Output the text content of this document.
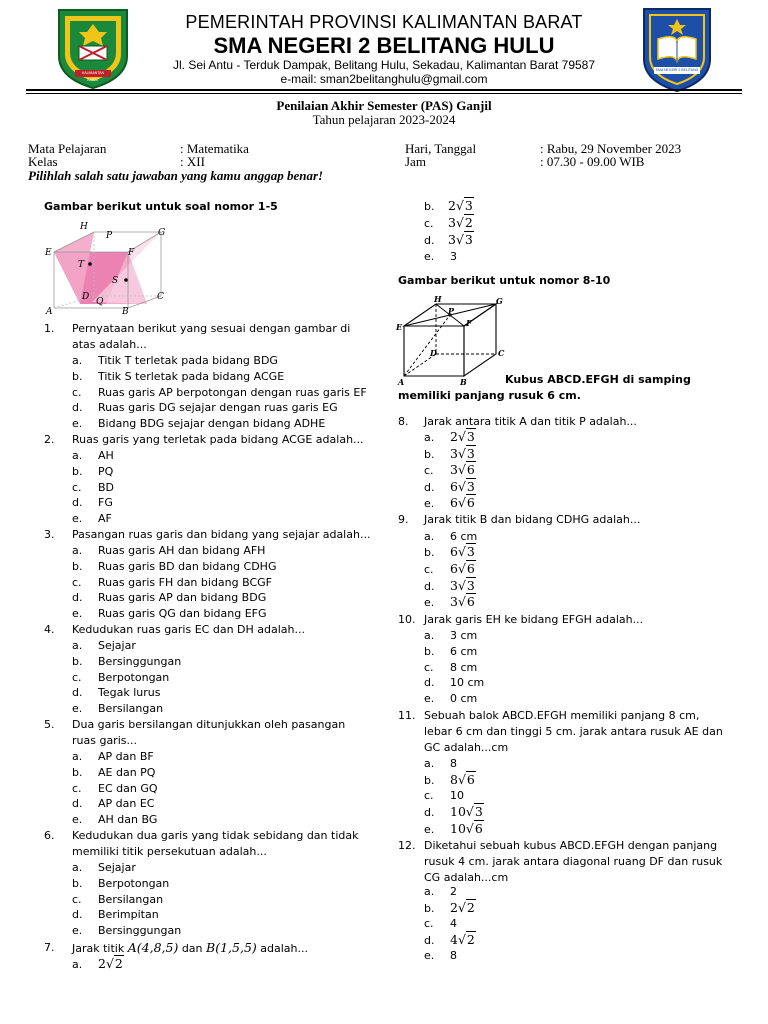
KALIMANTAN BARAT
SMA NEGERI 2 BELITANG HULU
PEMERINTAH PROVINSI KALIMANTAN BARAT
SMA NEGERI 2 BELITANG HULU
Jl. Sei Antu - Terduk Dampak, Belitang Hulu, Sekadau, Kalimantan Barat 79587
e-mail: sman2belitanghulu@gmail.com
Penilaian Akhir Semester (PAS) Ganjil
Tahun pelajaran 2023-2024
Mata Pelajaran	: Matematika
Kelas	: XII
Hari, Tanggal	: Rabu, 29 November 2023
Jam	: 07.30 - 09.00 WIB
Pilihlah salah satu jawaban yang kamu anggap benar!
Gambar berikut untuk soal nomor 1-5
H
G
E	F
P
T
S
D Q	C
A	B
1. Pernyataan berikut yang sesuai dengan gambar di
atas adalah...
a. Titik T terletak pada bidang BDG
b. Titik S terletak pada bidang ACGE
c. Ruas garis AP berpotongan dengan ruas garis EF
d. Ruas garis DG sejajar dengan ruas garis EG
e. Bidang BDG sejajar dengan bidang ADHE
2. Ruas garis yang terletak pada bidang ACGE adalah...
a. AH
b. PQ
c. BD
d. FG
e. AF
3. Pasangan ruas garis dan bidang yang sejajar adalah...
a. Ruas garis AH dan bidang AFH
b. Ruas garis BD dan bidang CDHG
c. Ruas garis FH dan bidang BCGF
d. Ruas garis AP dan bidang BDG
e. Ruas garis QG dan bidang EFG
4. Kedudukan ruas garis EC dan DH adalah...
a. Sejajar
b. Bersinggungan
c. Berpotongan
d. Tegak lurus
e. Bersilangan
5. Dua garis bersilangan ditunjukkan oleh pasangan
ruas garis...
a. AP dan BF
b. AE dan PQ
c. EC dan GQ
d. AP dan EC
e. AH dan BG
6. Kedudukan dua garis yang tidak sebidang dan tidak
memiliki titik persekutuan adalah...
a. Sejajar
b. Berpotongan
c. Bersilangan
d. Berimpitan
e. Bersinggungan
7. Jarak titik A(4,8,5) dan B(1,5,5) adalah...
a. 2√2
b. 2√3
c. 3√2
d. 3√3
e. 3
Gambar berikut untuk nomor 8-10
H	G
E	F
P
D	C
A	B	Kubus ABCD.EFGH di samping
memiliki panjang rusuk 6 cm.
8. Jarak antara titik A dan titik P adalah...
a. 2√3
b. 3√3
c. 3√6
d. 6√3
e. 6√6
9. Jarak titik B dan bidang CDHG adalah...
a. 6 cm
b. 6√3
c. 6√6
d. 3√3
e. 3√6
10. Jarak garis EH ke bidang EFGH adalah...
a. 3 cm
b. 6 cm
c. 8 cm
d. 10 cm
e. 0 cm
11. Sebuah balok ABCD.EFGH memiliki panjang 8 cm,
lebar 6 cm dan tinggi 5 cm. jarak antara rusuk AE dan
GC adalah...cm
a. 8
b. 8√6
c. 10
d. 10√3
e. 10√6
12. Diketahui sebuah kubus ABCD.EFGH dengan panjang
rusuk 4 cm. jarak antara diagonal ruang DF dan rusuk
CG adalah...cm
a. 2
b. 2√2
c. 4
d. 4√2
e. 8
